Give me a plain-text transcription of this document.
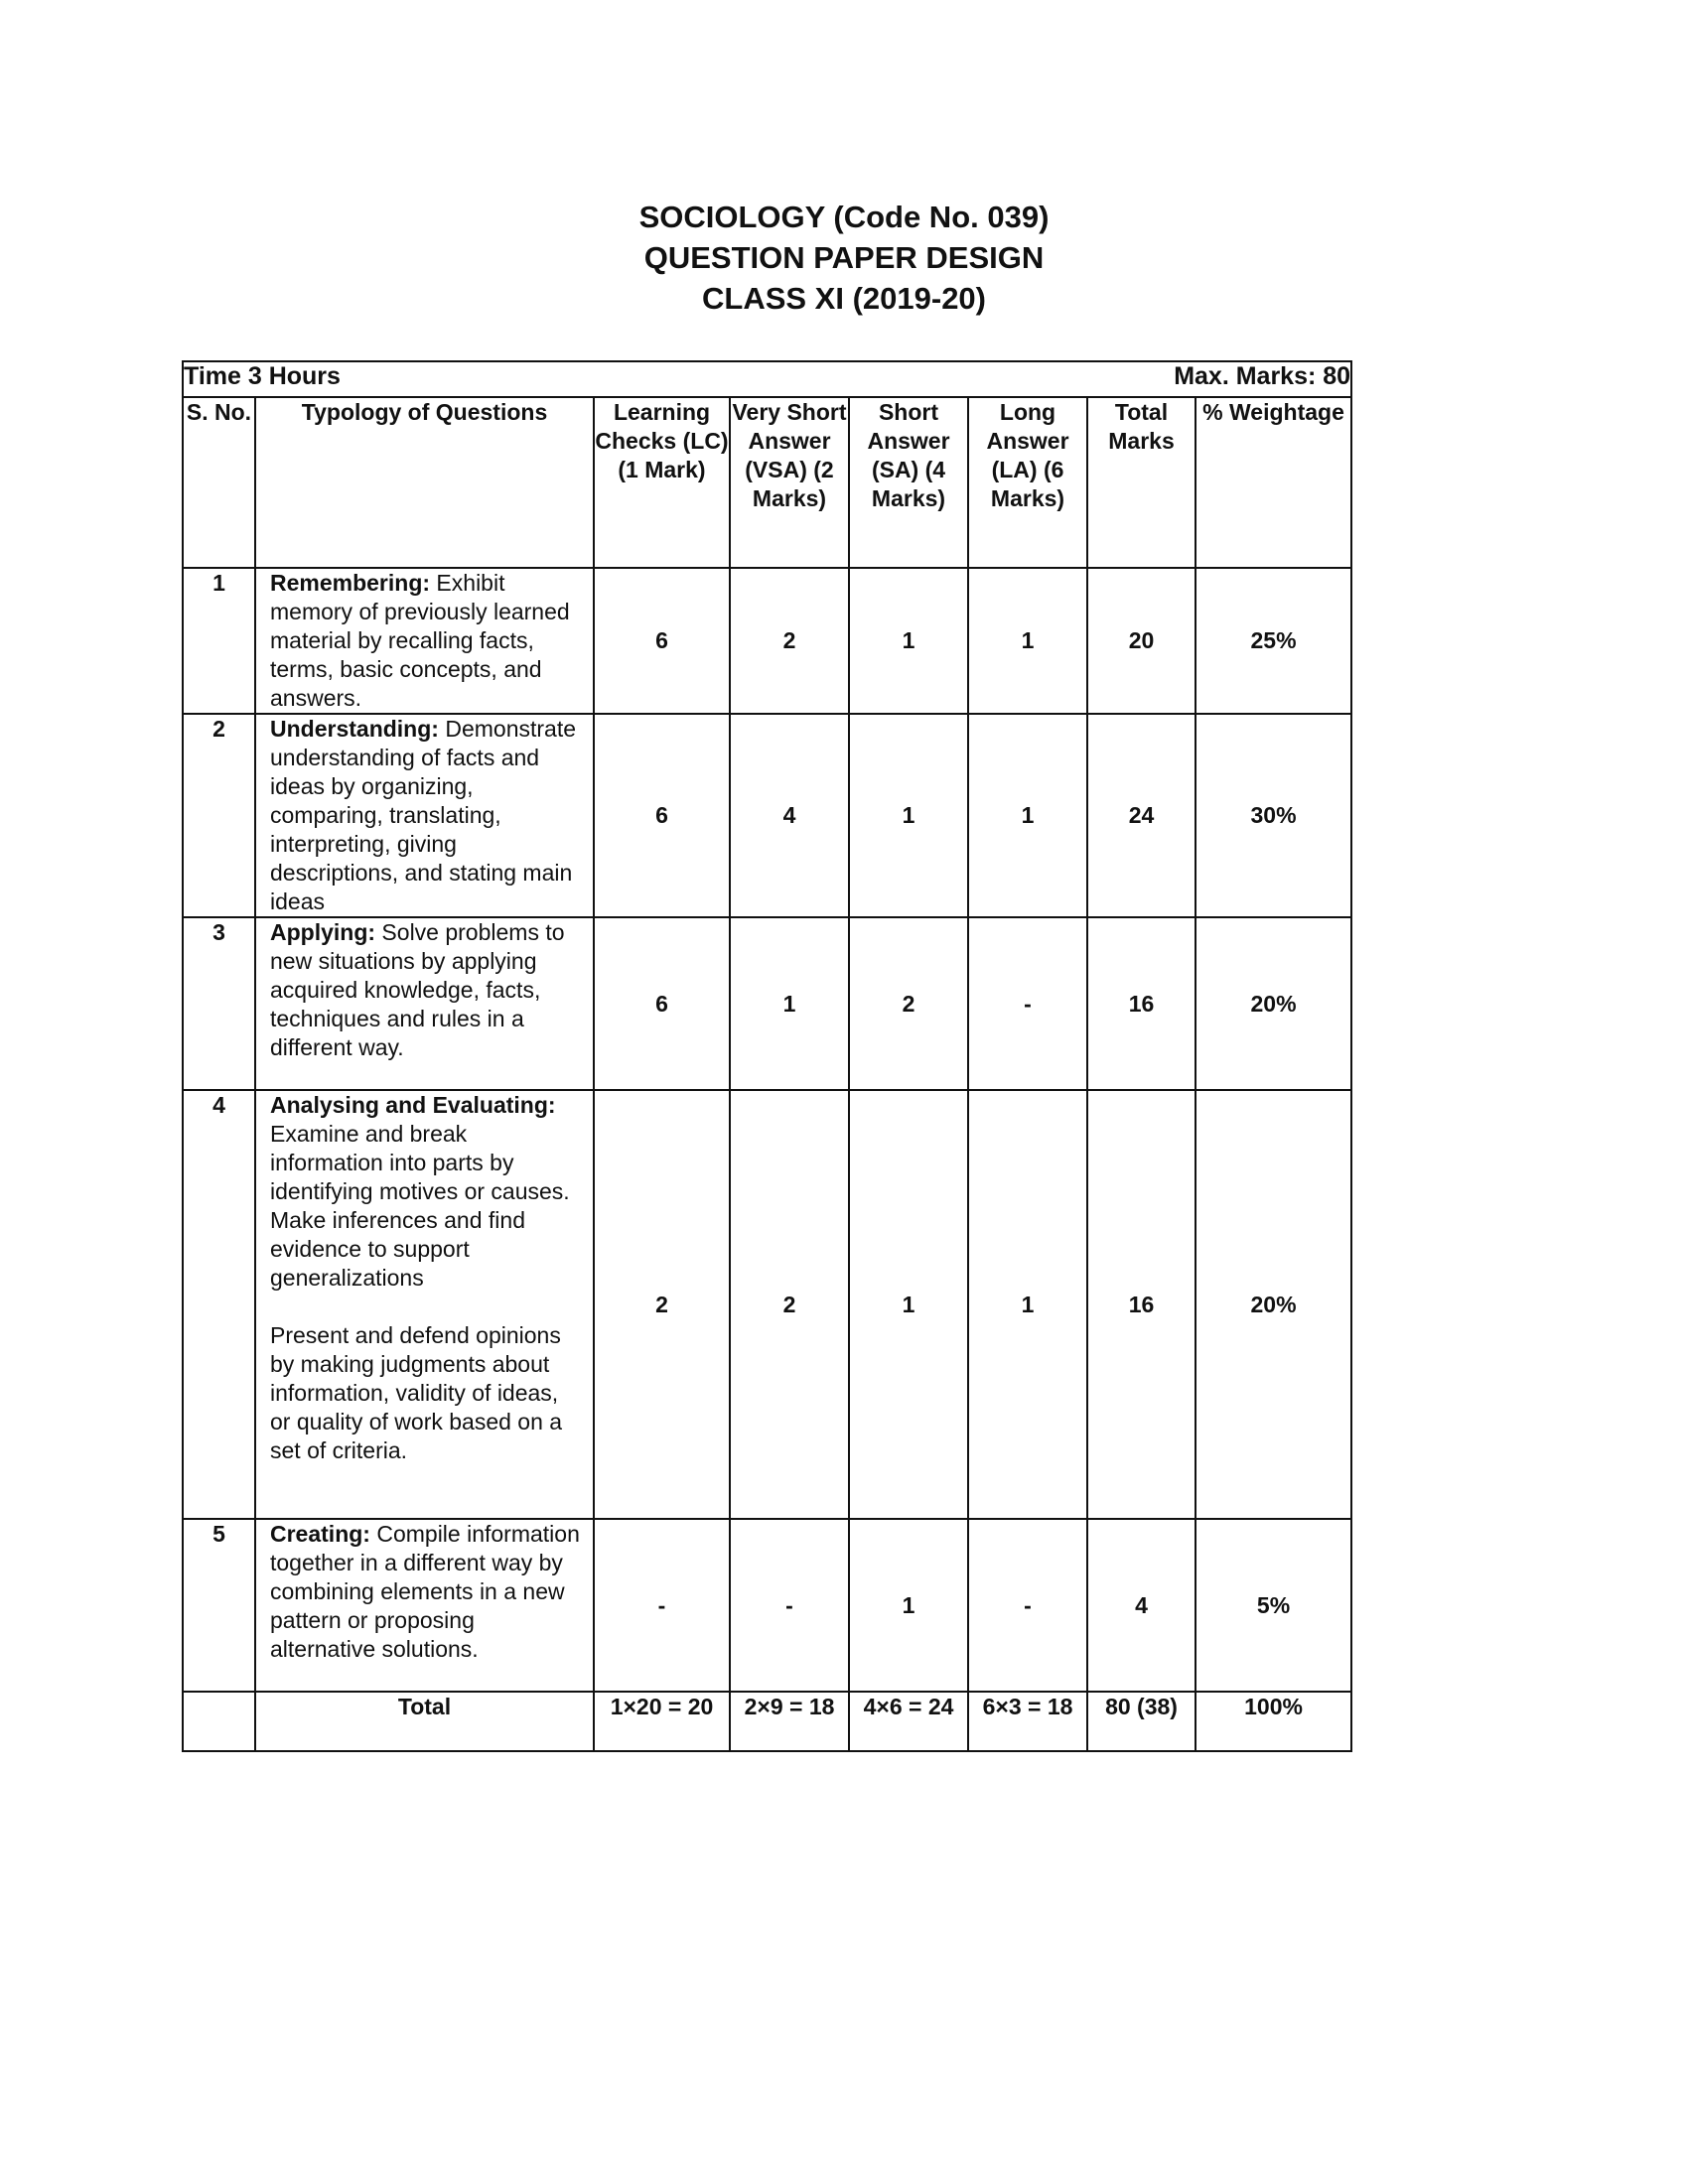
SOCIOLOGY (Code No. 039)
QUESTION PAPER DESIGN
CLASS XI (2019-20)
Time 3 Hours Max. Marks: 80							

S. No.	Typology of Questions	Learning Checks (LC) (1 Mark)	Very Short Answer (VSA) (2 Marks)	Short Answer (SA) (4 Marks)	Long Answer (LA) (6 Marks)	Total Marks	% Weightage
1	Remembering: Exhibit memory of previously learned material by recalling facts, terms, basic concepts, and answers.	6	2	1	1	20	25%
2	Understanding: Demonstrate understanding of facts and ideas by organizing, comparing, translating, interpreting, giving descriptions, and stating main ideas	6	4	1	1	24	30%
3	Applying: Solve problems to new situations by applying acquired knowledge, facts, techniques and rules in a different way.	6	1	2	-	16	20%
4	Analysing and Evaluating: Examine and break information into parts by identifying motives or causes. Make inferences and find evidence to support generalizations
Present and defend opinions by making judgments about information, validity of ideas, or quality of work based on a set of criteria.	2	2	1	1	16	20%
5	Creating: Compile information together in a different way by combining elements in a new pattern or proposing alternative solutions.	-	-	1	-	4	5%
	Total	1×20 = 20	2×9 = 18	4×6 = 24	6×3 = 18	80 (38)	100%
